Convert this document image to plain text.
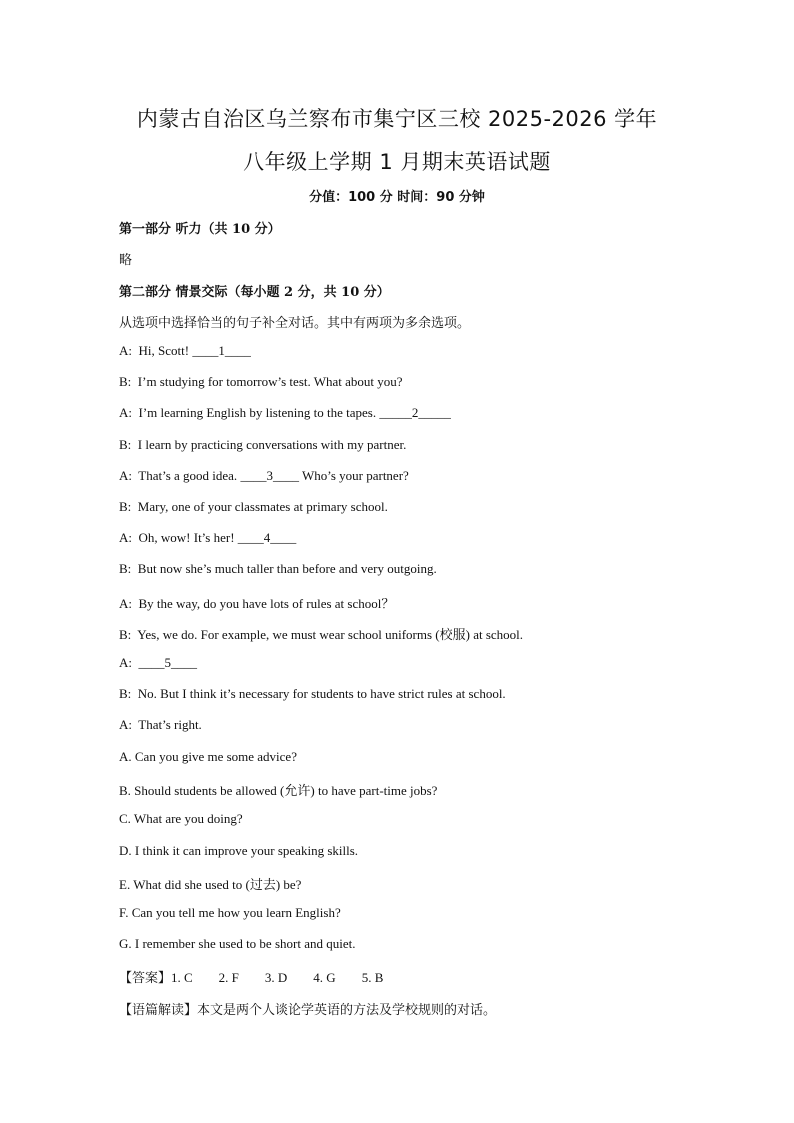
内蒙古自治区乌兰察布市集宁区三校 2025-2026 学年
八年级上学期 1 月期末英语试题
分值：100 分 时间：90 分钟
第一部分 听力（共 10 分）
略
第二部分 情景交际（每小题 2 分，共 10 分）
从选项中选择恰当的句子补全对话。其中有两项为多余选项。
A:  Hi, Scott! ____1____
B:  I’m studying for tomorrow’s test. What about you?
A:  I’m learning English by listening to the tapes. _____2_____
B:  I learn by practicing conversations with my partner.
A:  That’s a good idea. ____3____ Who’s your partner?
B:  Mary, one of your classmates at primary school.
A:  Oh, wow! It’s her! ____4____
B:  But now she’s much taller than before and very outgoing.
A:  By the way, do you have lots of rules at school？
B:  Yes, we do. For example, we must wear school uniforms (校服) at school.
A:  ____5____
B:  No. But I think it’s necessary for students to have strict rules at school.
A:  That’s right.
A. Can you give me some advice?
B. Should students be allowed (允许) to have part-time jobs?
C. What are you doing?
D. I think it can improve your speaking skills.
E. What did she used to (过去) be?
F. Can you tell me how you learn English?
G. I remember she used to be short and quiet.
【答案】1. C        2. F        3. D        4. G        5. B
【语篇解读】本文是两个人谈论学英语的方法及学校规则的对话。
